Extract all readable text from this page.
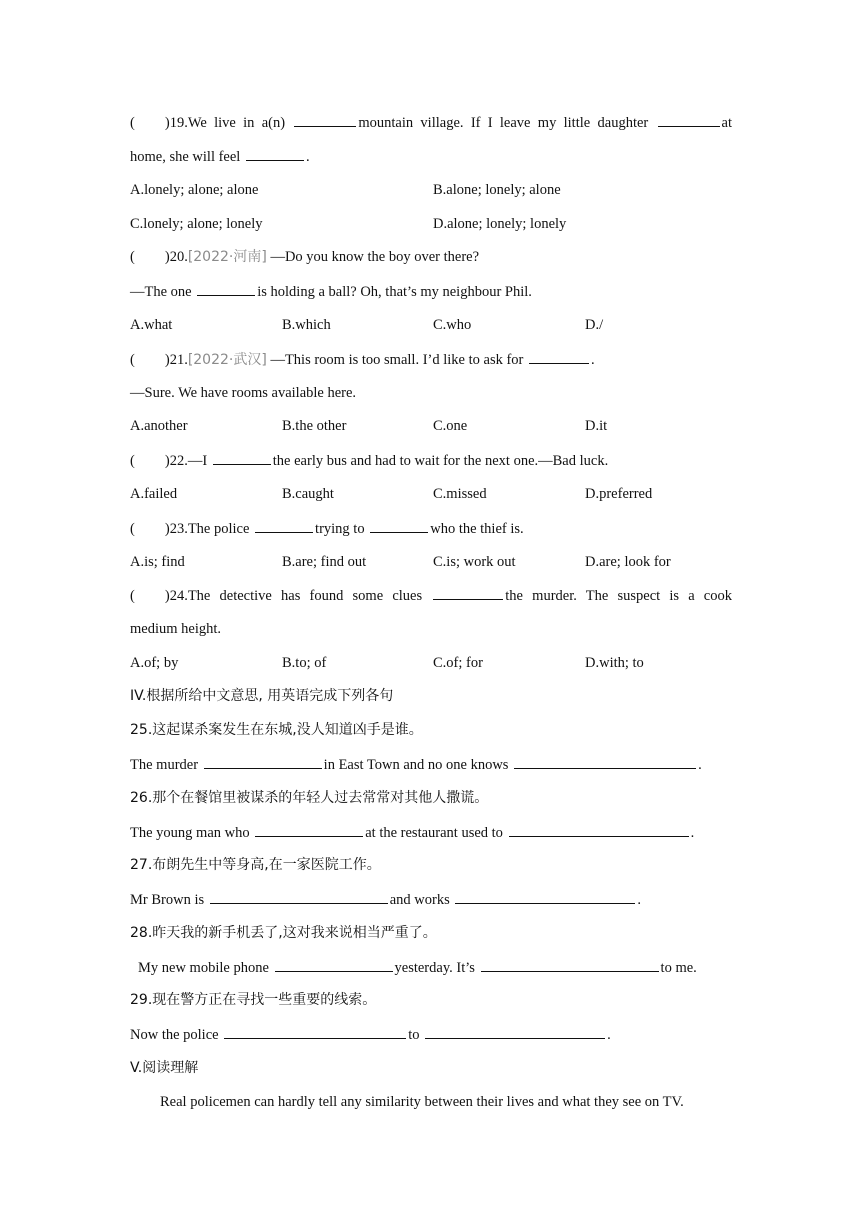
( )19.We live in a(n)	mountain village. If I leave my little daughter	at
home, she will feel	.
A.lonely; alone; alone	B.alone; lonely; alone
C.lonely; alone; lonely	D.alone; lonely; lonely
( )20.[2022·河南] —Do you know the boy over there?
—The one	is holding a ball? Oh, that’s my neighbour Phil.
A.what	B.which	C.who	D./
( )21.[2022·武汉] —This room is too small. I’d like to ask for	.
—Sure. We have rooms available here.
A.another	B.the other	C.one	D.it
( )22.—I	the early bus and had to wait for the next one.—Bad luck.
A.failed	B.caught	C.missed	D.preferred
( )23.The police	trying to	who the thief is.
A.is; find	B.are; find out	C.is; work out	D.are; look for
( )24.The detective has found some clues	the murder. The suspect is a cook
medium height.
A.of; by	B.to; of	C.of; for	D.with; to
IV.根据所给中文意思, 用英语完成下列各句
25.这起谋杀案发生在东城,没人知道凶手是谁。
The murder	in East Town and no one knows	.
26.那个在餐馆里被谋杀的年轻人过去常常对其他人撒谎。
The young man who	at the restaurant used to	.
27.布朗先生中等身高,在一家医院工作。
Mr Brown is	and works	.
28.昨天我的新手机丢了,这对我来说相当严重了。
My new mobile phone	yesterday. It’s	to me.
29.现在警方正在寻找一些重要的线索。
Now the police	to	.
V.阅读理解
Real policemen can hardly tell any similarity between their lives and what they see on TV.
